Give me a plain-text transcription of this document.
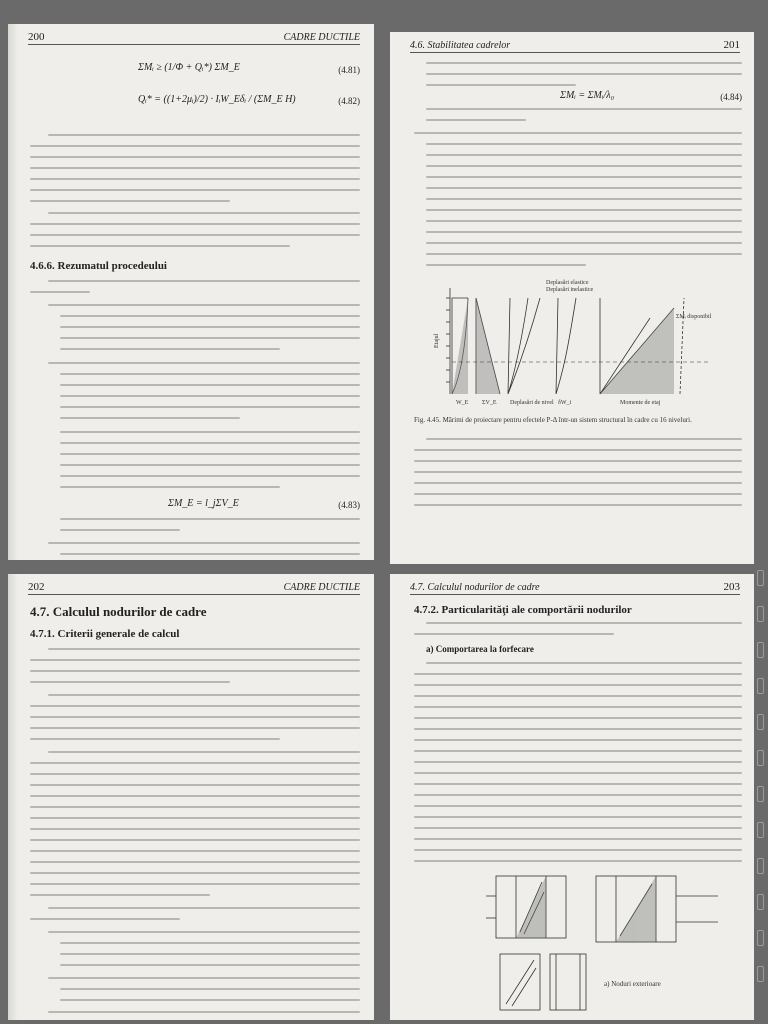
200	CADRE DUCTILE
ΣMᵢ ≥ (1/Φ + Qᵢ*) ΣM_E	(4.81)
Qᵢ* = ((1+2μᵢ)/2) · IᵢW_Eδᵢ / (ΣM_E H)	(4.82)
4.6.6. Rezumatul procedeului
ΣM_E = l_jΣV_E	(4.83)
4.6. Stabilitatea cadrelor	201
ΣMᵢ = ΣMᵢ/λ₀	(4.84)
Deplasări elastice
Deplasări inelastice
ΣMᵢ disponibil
Etajul
W_E ΣV_E Deplasări de nivel δW_i	Momente de etaj
Fig. 4.45. Mărimi de proiectare pentru efectele P-Δ într-un sistem structural în cadre cu 16 niveluri.
202	CADRE DUCTILE
4.7. Calculul nodurilor de cadre
4.7.1. Criterii generale de calcul
4.7. Calculul nodurilor de cadre	203
4.7.2. Particularităţi ale comportării nodurilor
a) Comportarea la forfecare
a) Noduri exterioare
